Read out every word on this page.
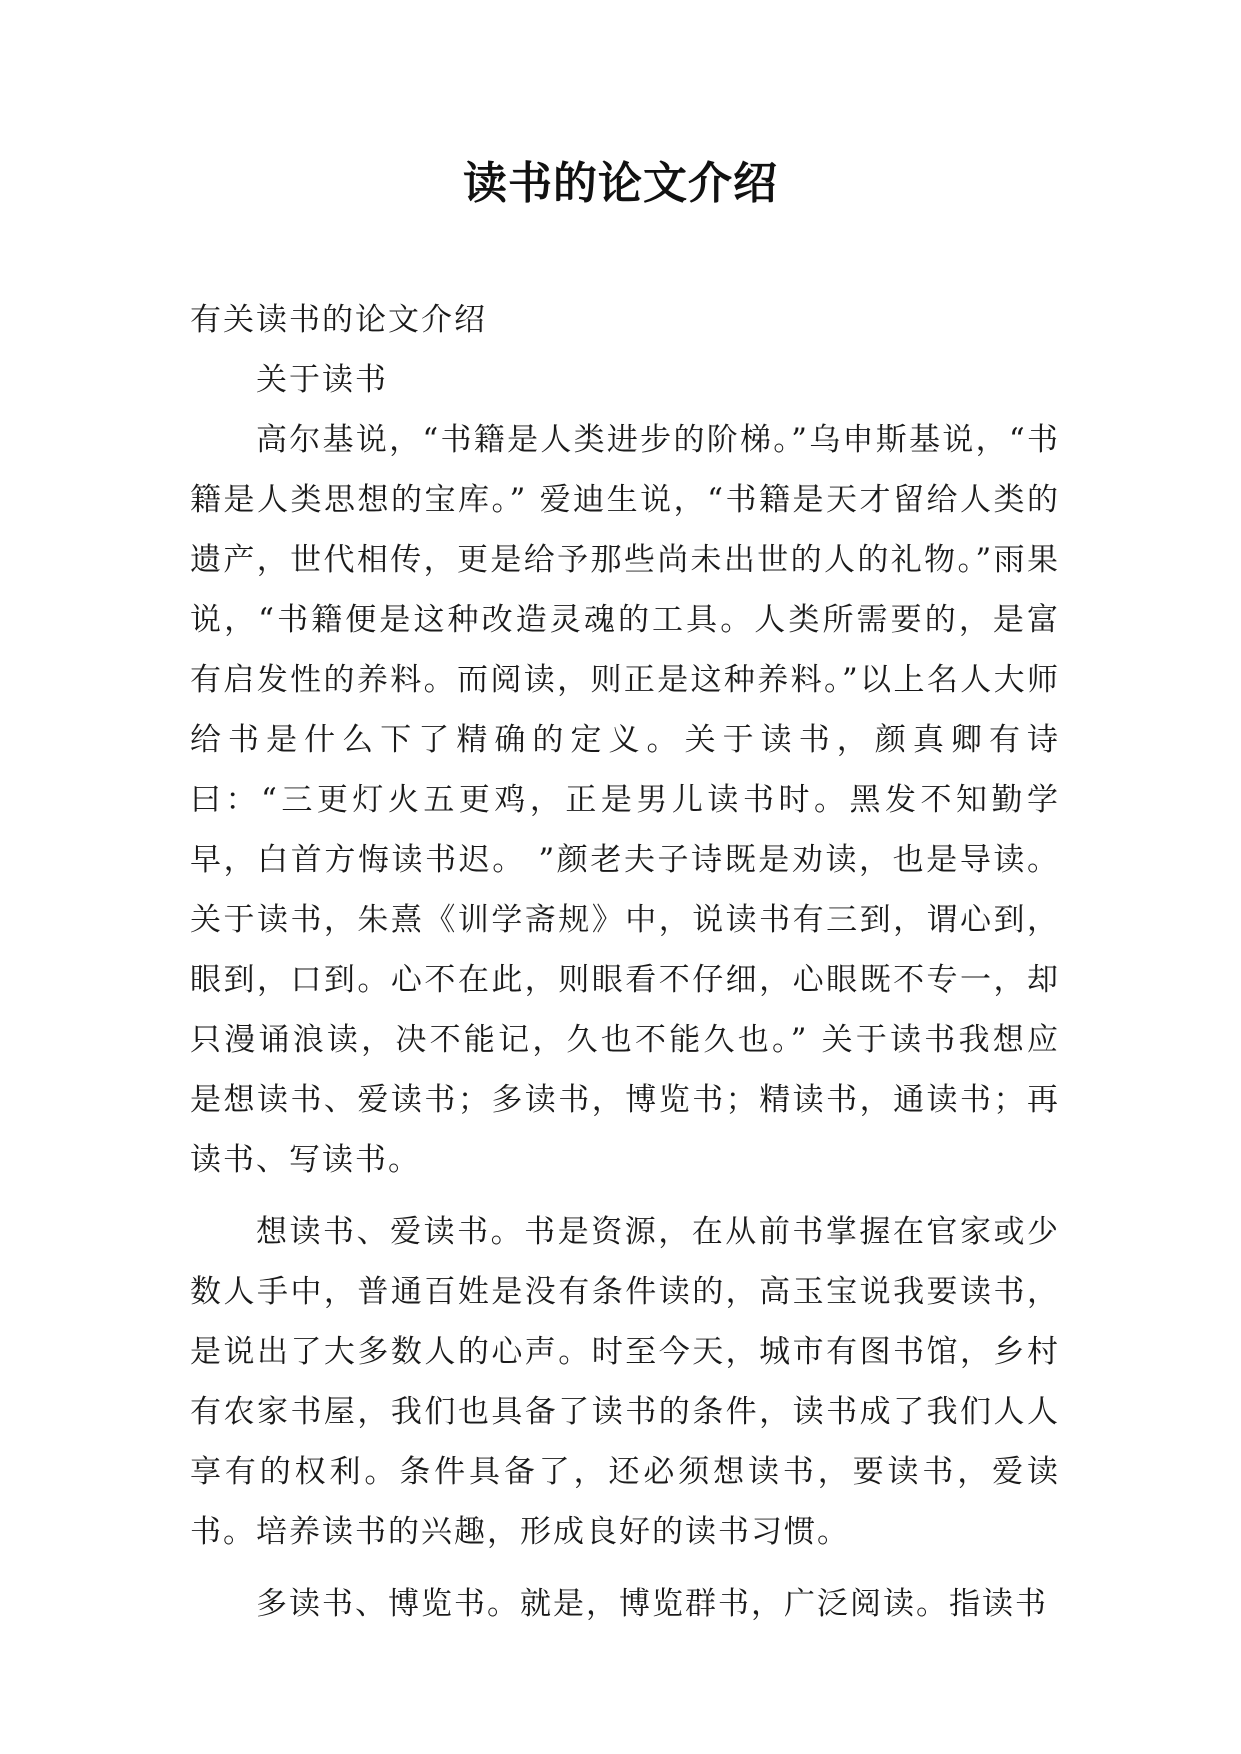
读书的论文介绍

有关读书的论文介绍

关于读书

高尔基说，“书籍是人类进步的阶梯。”乌申斯基说，“书籍是人类思想的宝库。” 爱迪生说，“书籍是天才留给人类的遗产，世代相传，更是给予那些尚未出世的人的礼物。”雨果说，“书籍便是这种改造灵魂的工具。人类所需要的，是富有启发性的养料。而阅读，则正是这种养料。”以上名人大师给书是什么下了精确的定义。关于读书，颜真卿有诗曰：“三更灯火五更鸡，正是男儿读书时。黑发不知勤学早，白首方悔读书迟。 ”颜老夫子诗既是劝读，也是导读。关于读书，朱熹《训学斋规》中，说读书有三到，谓心到，眼到，口到。心不在此，则眼看不仔细，心眼既不专一，却只漫诵浪读，决不能记，久也不能久也。” 关于读书我想应是想读书、爱读书；多读书，博览书；精读书，通读书；再读书、写读书。

想读书、爱读书。书是资源，在从前书掌握在官家或少数人手中，普通百姓是没有条件读的，高玉宝说我要读书，是说出了大多数人的心声。时至今天，城市有图书馆，乡村有农家书屋，我们也具备了读书的条件，读书成了我们人人享有的权利。条件具备了，还必须想读书，要读书，爱读书。培养读书的兴趣，形成良好的读书习惯。

多读书、博览书。就是，博览群书，广泛阅读。指读书
